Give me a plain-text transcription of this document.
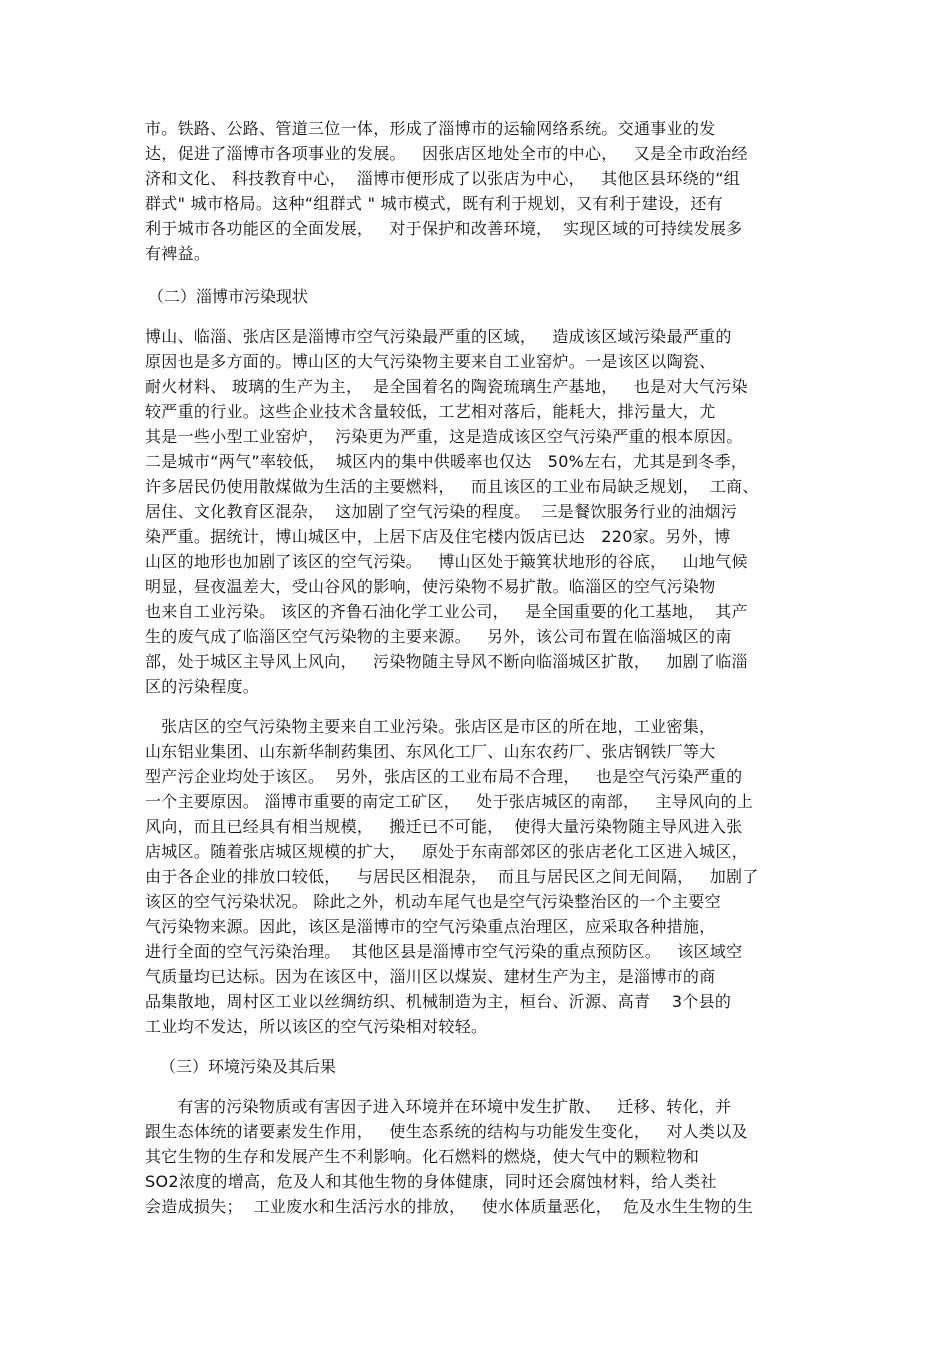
市。铁路、公路、管道三位一体，形成了淄博市的运输网络系统。交通事业的发
达，促进了淄博市各项事业的发展。   因张店区地处全市的中心，   又是全市政治经
济和文化、 科技教育中心，  淄博市便形成了以张店为中心，   其他区县环绕的“组
群式" 城市格局。这种“组群式 " 城市模式，既有利于规划，又有利于建设，还有
利于城市各功能区的全面发展，   对于保护和改善环境，  实现区域的可持续发展多
有裨益。
（二）淄博市污染现状
博山、临淄、张店区是淄博市空气污染最严重的区域，   造成该区域污染最严重的
原因也是多方面的。博山区的大气污染物主要来自工业窑炉。一是该区以陶瓷、
耐火材料、 玻璃的生产为主，  是全国着名的陶瓷琉璃生产基地，   也是对大气污染
较严重的行业。这些企业技术含量较低，工艺相对落后，能耗大，排污量大，尤
其是一些小型工业窑炉，  污染更为严重，这是造成该区空气污染严重的根本原因。
二是城市“两气”率较低，  城区内的集中供暖率也仅达   50%左右，尤其是到冬季，
许多居民仍使用散煤做为生活的主要燃料，   而且该区的工业布局缺乏规划，  工商、
居住、文化教育区混杂，  这加剧了空气污染的程度。  三是餐饮服务行业的油烟污
染严重。据统计，博山城区中，上居下店及住宅楼内饭店已达   220家。另外，博
山区的地形也加剧了该区的空气污染。   博山区处于簸箕状地形的谷底，   山地气候
明显，昼夜温差大，受山谷风的影响，使污染物不易扩散。临淄区的空气污染物
也来自工业污染。 该区的齐鲁石油化学工业公司，   是全国重要的化工基地，  其产
生的废气成了临淄区空气污染物的主要来源。   另外，该公司布置在临淄城区的南
部，处于城区主导风上风向，   污染物随主导风不断向临淄城区扩散，   加剧了临淄
区的污染程度。
张店区的空气污染物主要来自工业污染。张店区是市区的所在地，工业密集，
山东铝业集团、山东新华制药集团、东风化工厂、山东农药厂、张店钢铁厂等大
型产污企业均处于该区。  另外，张店区的工业布局不合理，   也是空气污染严重的
一个主要原因。 淄博市重要的南定工矿区，   处于张店城区的南部，   主导风向的上
风向，而且已经具有相当规模，   搬迁已不可能，  使得大量污染物随主导风进入张
店城区。随着张店城区规模的扩大，   原处于东南部郊区的张店老化工区进入城区，
由于各企业的排放口较低，   与居民区相混杂，  而且与居民区之间无间隔，   加剧了
该区的空气污染状况。 除此之外，机动车尾气也是空气污染整治区的一个主要空
气污染物来源。因此，该区是淄博市的空气污染重点治理区，应采取各种措施，
进行全面的空气污染治理。  其他区县是淄博市空气污染的重点预防区。   该区域空
气质量均已达标。因为在该区中，淄川区以煤炭、建材生产为主，是淄博市的商
品集散地，周村区工业以丝绸纺织、机械制造为主，桓台、沂源、高青    3个县的
工业均不发达，所以该区的空气污染相对较轻。
（三）环境污染及其后果
有害的污染物质或有害因子进入环境并在环境中发生扩散、   迁移、转化，并
跟生态体统的诸要素发生作用，   使生态系统的结构与功能发生变化，   对人类以及
其它生物的生存和发展产生不利影响。化石燃料的燃烧，使大气中的颗粒物和
SO2浓度的增高，危及人和其他生物的身体健康，同时还会腐蚀材料，给人类社
会造成损失；  工业废水和生活污水的排放，   使水体质量恶化，  危及水生生物的生
